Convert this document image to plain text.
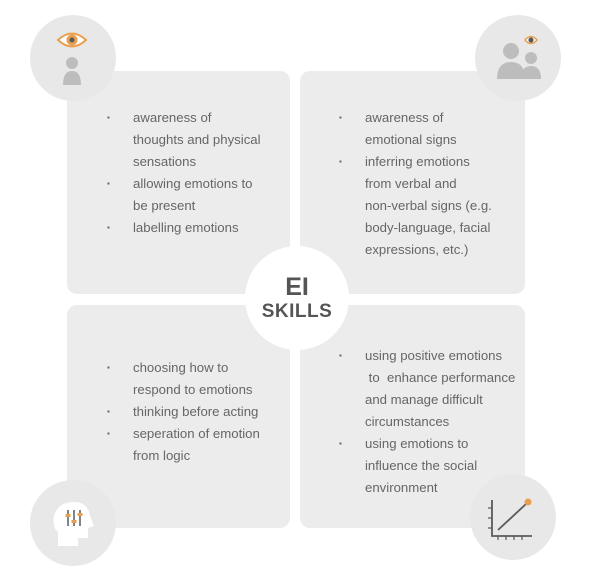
▪ awareness of
thoughts and physical
sensations
▪ allowing emotions to
be present
▪ labelling emotions
▪ awareness of
emotional signs
▪ inferring emotions
from verbal and
non-verbal signs (e.g.
body-language, facial
expressions, etc.)
▪ choosing how to
respond to emotions
▪ thinking before acting
▪ seperation of emotion
from logic
▪ using positive emotions
to  enhance performance
and manage difficult
circumstances
▪ using emotions to
influence the social
environment
EI
SKILLS
